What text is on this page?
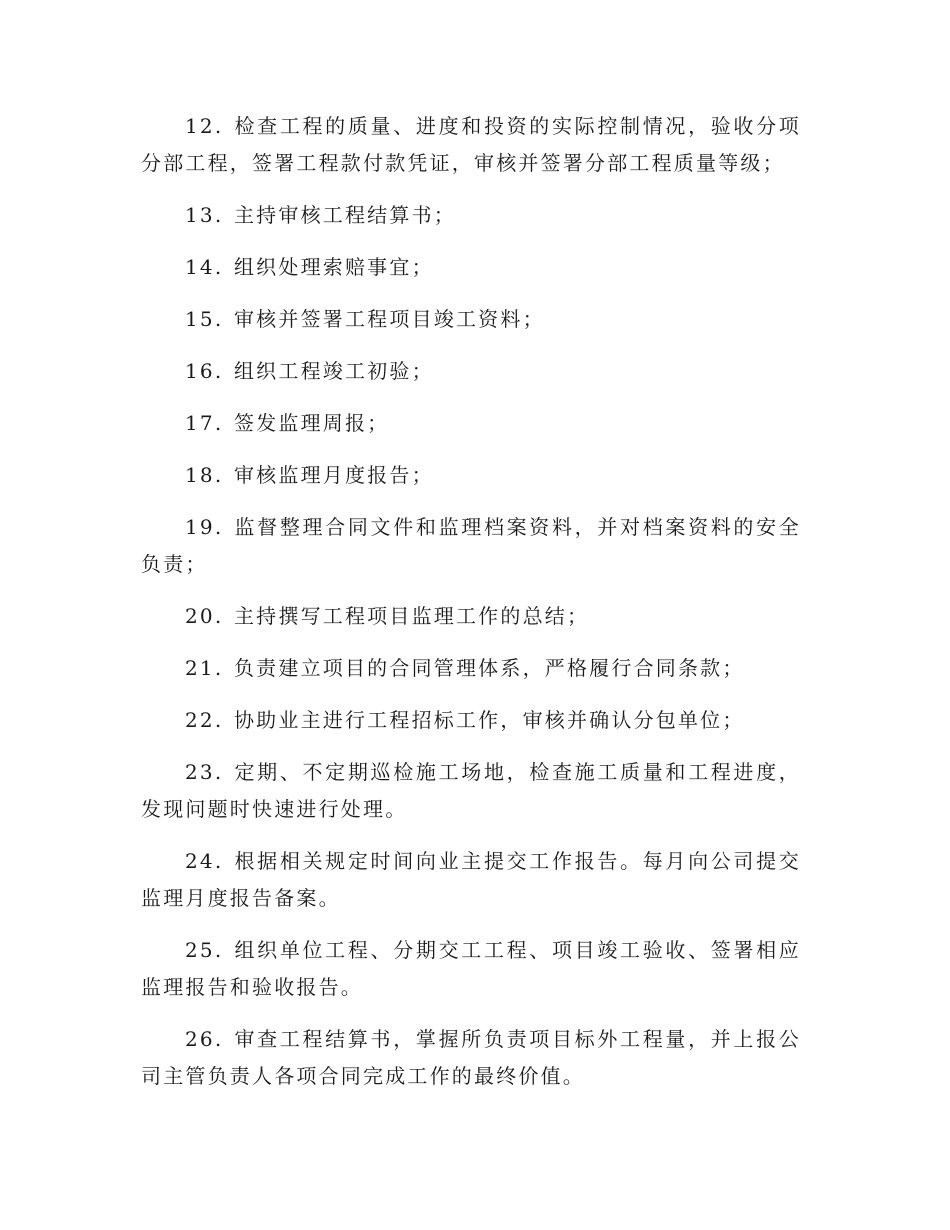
12. 检查工程的质量、进度和投资的实际控制情况，验收分项分部工程，签署工程款付款凭证，审核并签署分部工程质量等级；

13. 主持审核工程结算书；

14. 组织处理索赔事宜；

15. 审核并签署工程项目竣工资料；

16. 组织工程竣工初验；

17. 签发监理周报；

18. 审核监理月度报告；

19. 监督整理合同文件和监理档案资料，并对档案资料的安全负责；

20. 主持撰写工程项目监理工作的总结；

21. 负责建立项目的合同管理体系，严格履行合同条款；

22. 协助业主进行工程招标工作，审核并确认分包单位；

23. 定期、不定期巡检施工场地，检查施工质量和工程进度，发现问题时快速进行处理。

24. 根据相关规定时间向业主提交工作报告。每月向公司提交监理月度报告备案。

25. 组织单位工程、分期交工工程、项目竣工验收、签署相应监理报告和验收报告。

26. 审查工程结算书，掌握所负责项目标外工程量，并上报公司主管负责人各项合同完成工作的最终价值。
